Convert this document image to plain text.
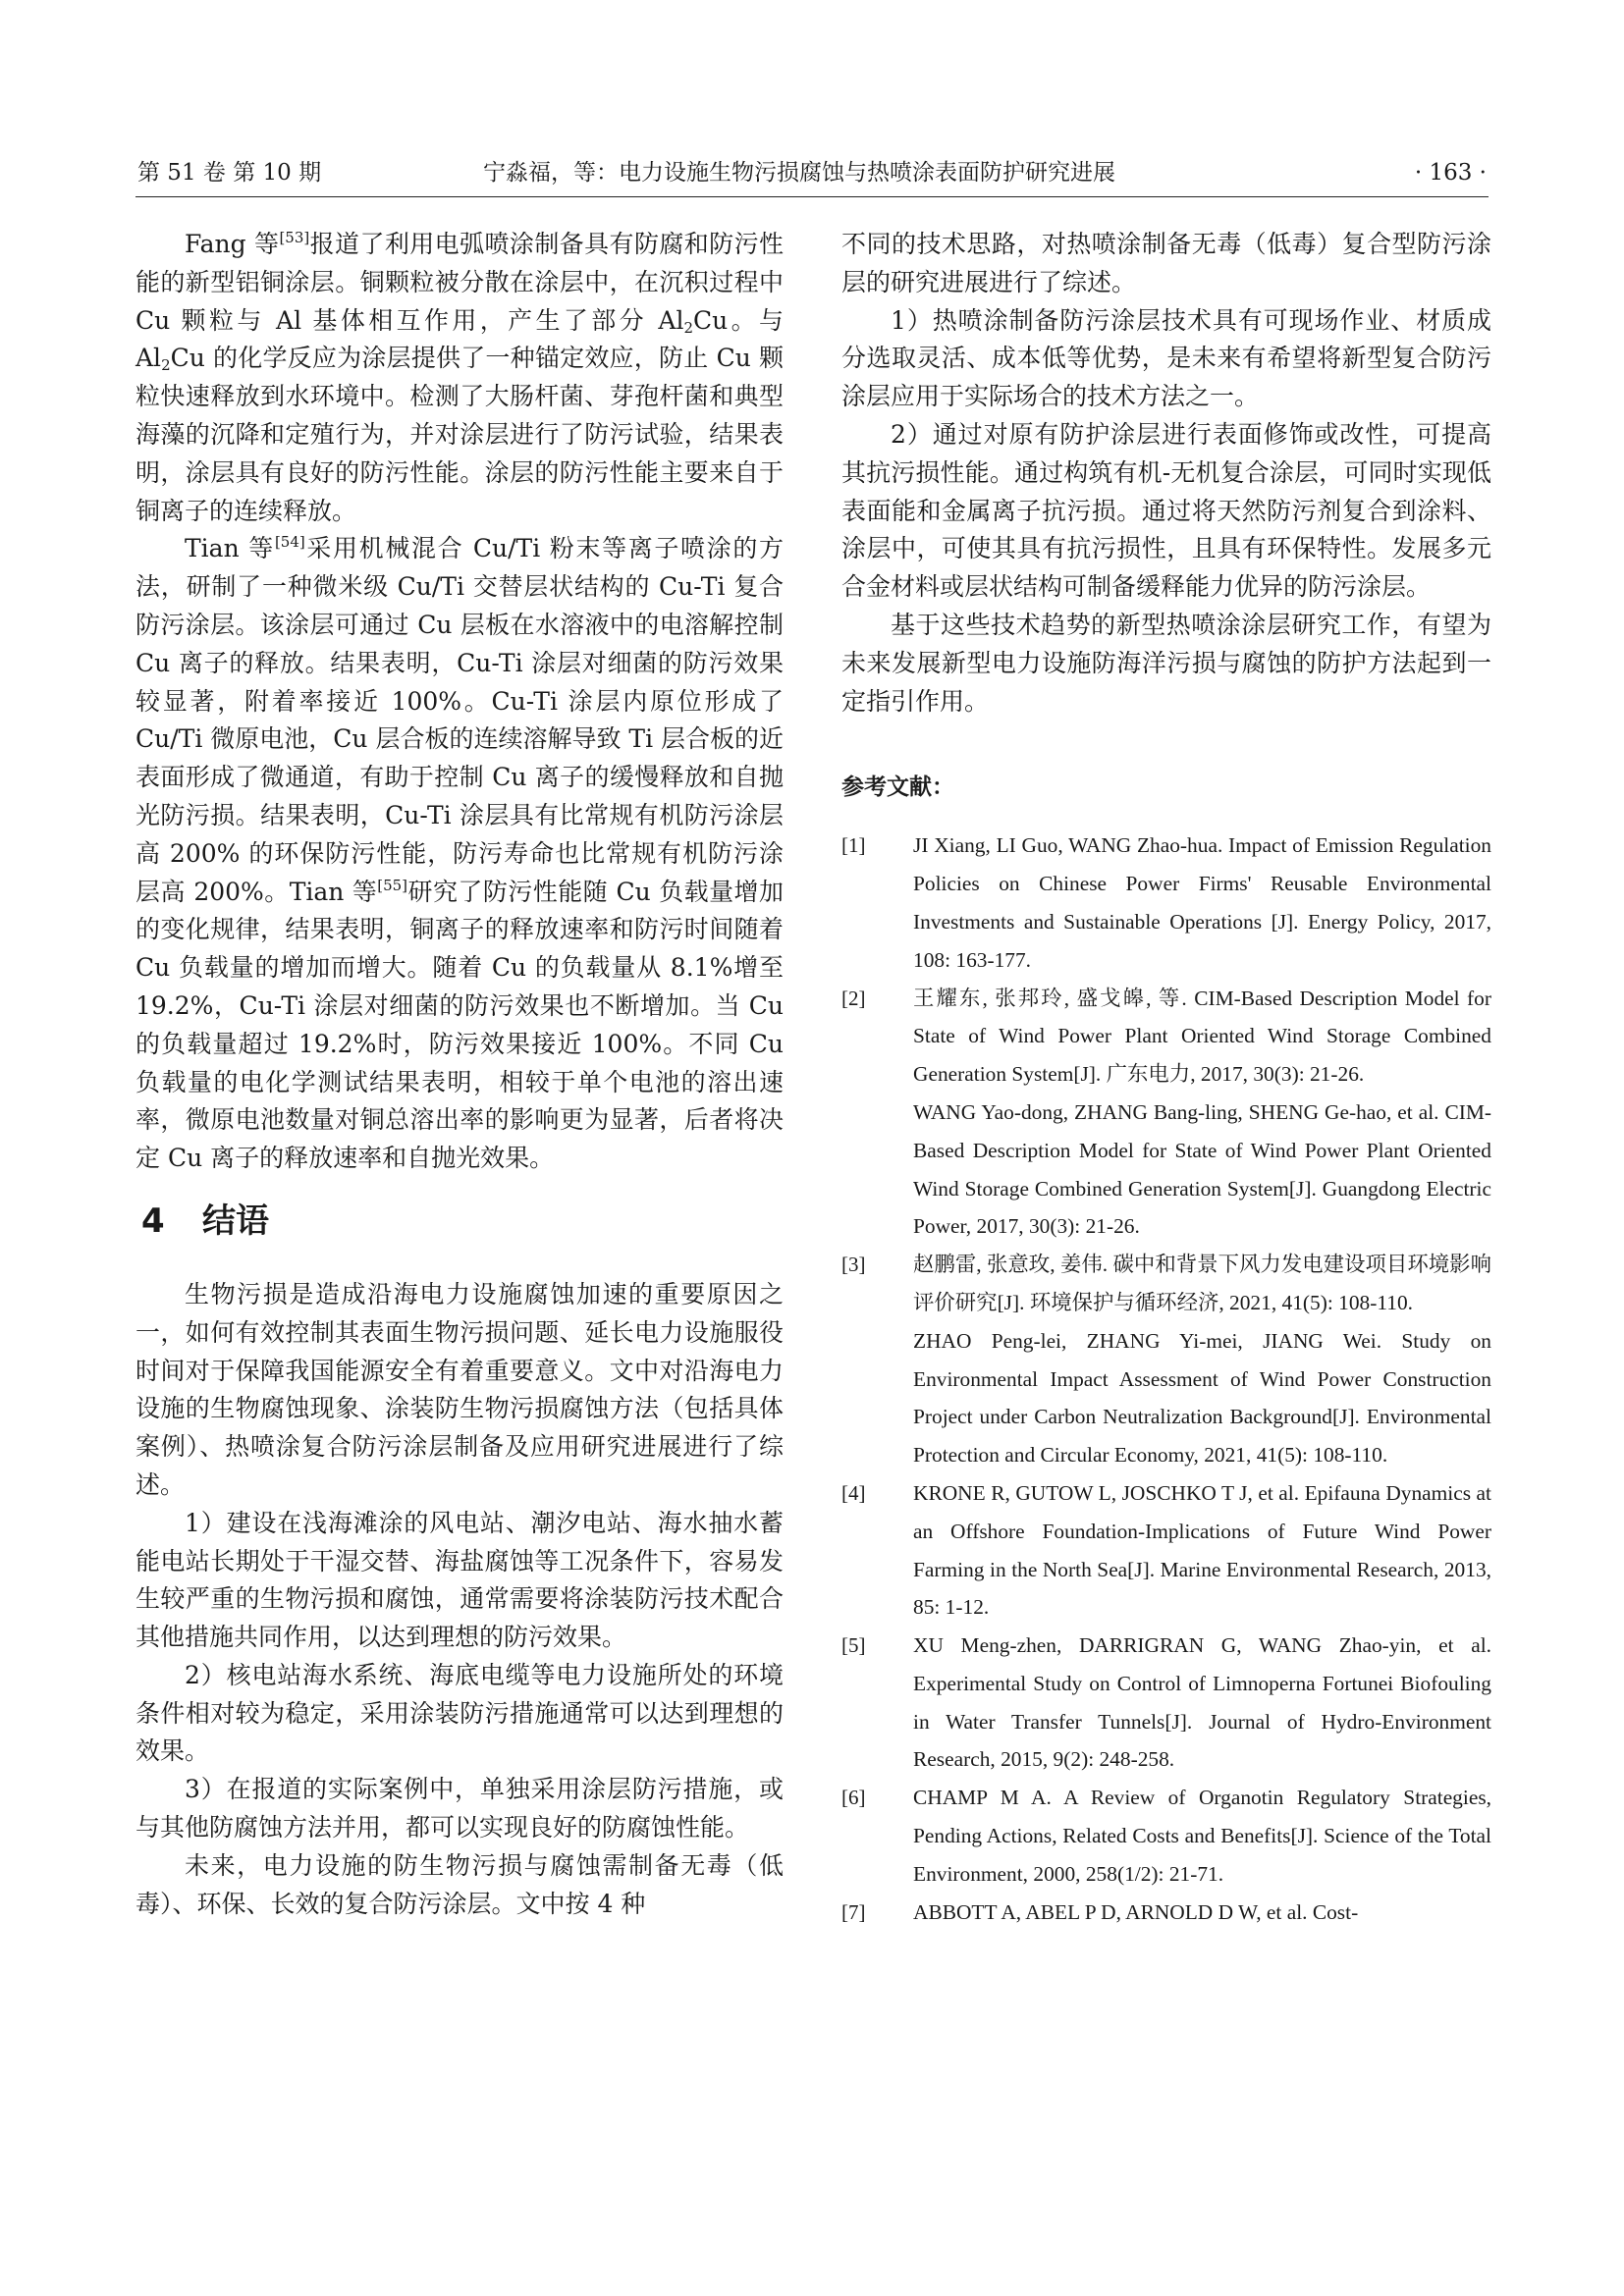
第 51 卷 第 10 期	宁淼福，等：电力设施生物污损腐蚀与热喷涂表面防护研究进展	· 163 ·

Fang 等[53]报道了利用电弧喷涂制备具有防腐和防污性能的新型铝铜涂层。铜颗粒被分散在涂层中，在沉积过程中 Cu 颗粒与 Al 基体相互作用，产生了部分 $Al_2Cu$。与 $Al_2Cu$ 的化学反应为涂层提供了一种锚定效应，防止 Cu 颗粒快速释放到水环境中。检测了大肠杆菌、芽孢杆菌和典型海藻的沉降和定殖行为，并对涂层进行了防污试验，结果表明，涂层具有良好的防污性能。涂层的防污性能主要来自于铜离子的连续释放。

Tian 等[54]采用机械混合 Cu/Ti 粉末等离子喷涂的方法，研制了一种微米级 Cu/Ti 交替层状结构的 Cu-Ti 复合防污涂层。该涂层可通过 Cu 层板在水溶液中的电溶解控制 Cu 离子的释放。结果表明，Cu-Ti 涂层对细菌的防污效果较显著，附着率接近 100%。Cu-Ti 涂层内原位形成了 Cu/Ti 微原电池，Cu 层合板的连续溶解导致 Ti 层合板的近表面形成了微通道，有助于控制 Cu 离子的缓慢释放和自抛光防污损。结果表明，Cu-Ti 涂层具有比常规有机防污涂层高 200% 的环保防污性能，防污寿命也比常规有机防污涂层高 200%。Tian 等[55]研究了防污性能随 Cu 负载量增加的变化规律，结果表明，铜离子的释放速率和防污时间随着 Cu 负载量的增加而增大。随着 Cu 的负载量从 8.1%增至 19.2%，Cu-Ti 涂层对细菌的防污效果也不断增加。当 Cu 的负载量超过 19.2%时，防污效果接近 100%。不同 Cu 负载量的电化学测试结果表明，相较于单个电池的溶出速率，微原电池数量对铜总溶出率的影响更为显著，后者将决定 Cu 离子的释放速率和自抛光效果。

4 结语

生物污损是造成沿海电力设施腐蚀加速的重要原因之一，如何有效控制其表面生物污损问题、延长电力设施服役时间对于保障我国能源安全有着重要意义。文中对沿海电力设施的生物腐蚀现象、涂装防生物污损腐蚀方法（包括具体案例）、热喷涂复合防污涂层制备及应用研究进展进行了综述。

1）建设在浅海滩涂的风电站、潮汐电站、海水抽水蓄能电站长期处于干湿交替、海盐腐蚀等工况条件下，容易发生较严重的生物污损和腐蚀，通常需要将涂装防污技术配合其他措施共同作用，以达到理想的防污效果。

2）核电站海水系统、海底电缆等电力设施所处的环境条件相对较为稳定，采用涂装防污措施通常可以达到理想的效果。

3）在报道的实际案例中，单独采用涂层防污措施，或与其他防腐蚀方法并用，都可以实现良好的防腐蚀性能。

未来，电力设施的防生物污损与腐蚀需制备无毒（低毒）、环保、长效的复合防污涂层。文中按 4 种

不同的技术思路，对热喷涂制备无毒（低毒）复合型防污涂层的研究进展进行了综述。

1）热喷涂制备防污涂层技术具有可现场作业、材质成分选取灵活、成本低等优势，是未来有希望将新型复合防污涂层应用于实际场合的技术方法之一。

2）通过对原有防护涂层进行表面修饰或改性，可提高其抗污损性能。通过构筑有机-无机复合涂层，可同时实现低表面能和金属离子抗污损。通过将天然防污剂复合到涂料、涂层中，可使其具有抗污损性，且具有环保特性。发展多元合金材料或层状结构可制备缓释能力优异的防污涂层。

基于这些技术趋势的新型热喷涂涂层研究工作，有望为未来发展新型电力设施防海洋污损与腐蚀的防护方法起到一定指引作用。

参考文献：
[1] JI Xiang, LI Guo, WANG Zhao-hua. Impact of Emission Regulation Policies on Chinese Power Firms' Reusable Environmental Investments and Sustainable Operations [J]. Energy Policy, 2017, 108: 163-177.

[2] 王耀东, 张邦玲, 盛戈皞, 等. CIM-Based Description Model for State of Wind Power Plant Oriented Wind Storage Combined Generation System[J]. 广东电力, 2017, 30(3): 21-26.

WANG Yao-dong, ZHANG Bang-ling, SHENG Ge-hao, et al. CIM-Based Description Model for State of Wind Power Plant Oriented Wind Storage Combined Generation System[J]. Guangdong Electric Power, 2017, 30(3): 21-26.

[3] 赵鹏雷, 张意玫, 姜伟. 碳中和背景下风力发电建设项目环境影响评价研究[J]. 环境保护与循环经济, 2021, 41(5): 108-110.

ZHAO Peng-lei, ZHANG Yi-mei, JIANG Wei. Study on Environmental Impact Assessment of Wind Power Construction Project under Carbon Neutralization Background[J]. Environmental Protection and Circular Economy, 2021, 41(5): 108-110.

[4] KRONE R, GUTOW L, JOSCHKO T J, et al. Epifauna Dynamics at an Offshore Foundation-Implications of Future Wind Power Farming in the North Sea[J]. Marine Environmental Research, 2013, 85: 1-12.

[5] XU Meng-zhen, DARRIGRAN G, WANG Zhao-yin, et al. Experimental Study on Control of Limnoperna Fortunei Biofouling in Water Transfer Tunnels[J]. Journal of Hydro-Environment Research, 2015, 9(2): 248-258.

[6] CHAMP M A. A Review of Organotin Regulatory Strategies, Pending Actions, Related Costs and Benefits[J]. Science of the Total Environment, 2000, 258(1/2): 21-71.

[7] ABBOTT A, ABEL P D, ARNOLD D W, et al. Cost-
